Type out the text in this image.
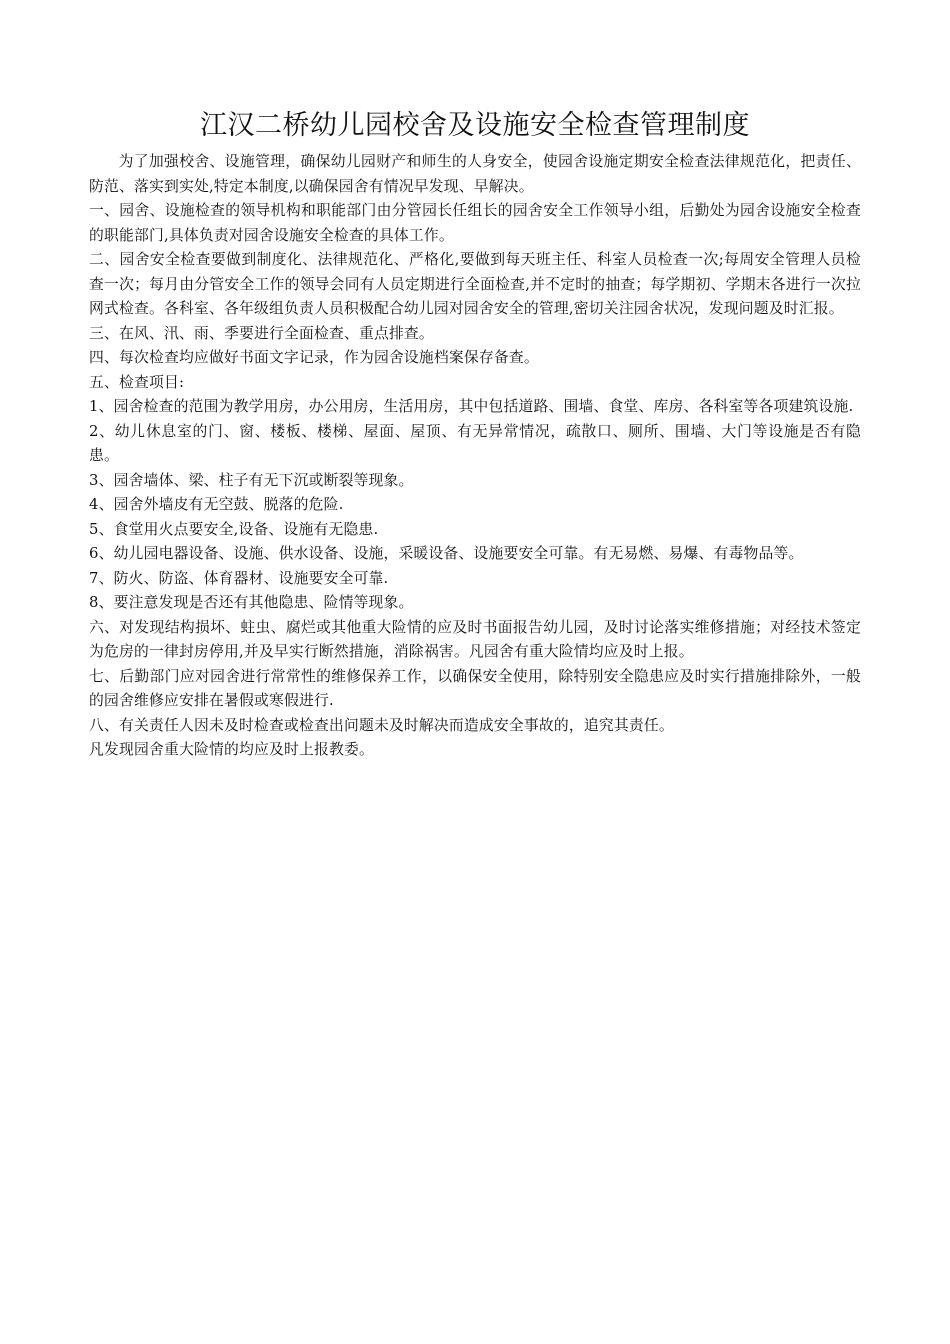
江汉二桥幼儿园校舍及设施安全检查管理制度

为了加强校舍、设施管理，确保幼儿园财产和师生的人身安全，使园舍设施定期安全检查法律规范化，把责任、防范、落实到实处,特定本制度,以确保园舍有情况早发现、早解决。

一、园舍、设施检查的领导机构和职能部门由分管园长任组长的园舍安全工作领导小组，后勤处为园舍设施安全检查的职能部门,具体负责对园舍设施安全检查的具体工作。

二、园舍安全检查要做到制度化、法律规范化、严格化,要做到每天班主任、科室人员检查一次;每周安全管理人员检查一次；每月由分管安全工作的领导会同有人员定期进行全面检查,并不定时的抽查；每学期初、学期末各进行一次拉网式检查。各科室、各年级组负责人员积极配合幼儿园对园舍安全的管理,密切关注园舍状况，发现问题及时汇报。

三、在风、汛、雨、季要进行全面检查、重点排查。

四、每次检查均应做好书面文字记录，作为园舍设施档案保存备查。

五、检查项目:

1、园舍检查的范围为教学用房，办公用房，生活用房，其中包括道路、围墙、食堂、库房、各科室等各项建筑设施.

2、幼儿休息室的门、窗、楼板、楼梯、屋面、屋顶、有无异常情况，疏散口、厕所、围墙、大门等设施是否有隐患。

3、园舍墙体、梁、柱子有无下沉或断裂等现象。

4、园舍外墙皮有无空鼓、脱落的危险.

5、食堂用火点要安全,设备、设施有无隐患.

6、幼儿园电器设备、设施、供水设备、设施，采暖设备、设施要安全可靠。有无易燃、易爆、有毒物品等。

7、防火、防盗、体育器材、设施要安全可靠.

8、要注意发现是否还有其他隐患、险情等现象。

六、对发现结构损坏、蛀虫、腐烂或其他重大险情的应及时书面报告幼儿园，及时讨论落实维修措施；对经技术签定为危房的一律封房停用,并及早实行断然措施，消除祸害。凡园舍有重大险情均应及时上报。

七、后勤部门应对园舍进行常常性的维修保养工作，以确保安全使用，除特别安全隐患应及时实行措施排除外，一般的园舍维修应安排在暑假或寒假进行.

八、有关责任人因未及时检查或检查出问题未及时解决而造成安全事故的，追究其责任。

凡发现园舍重大险情的均应及时上报教委。
